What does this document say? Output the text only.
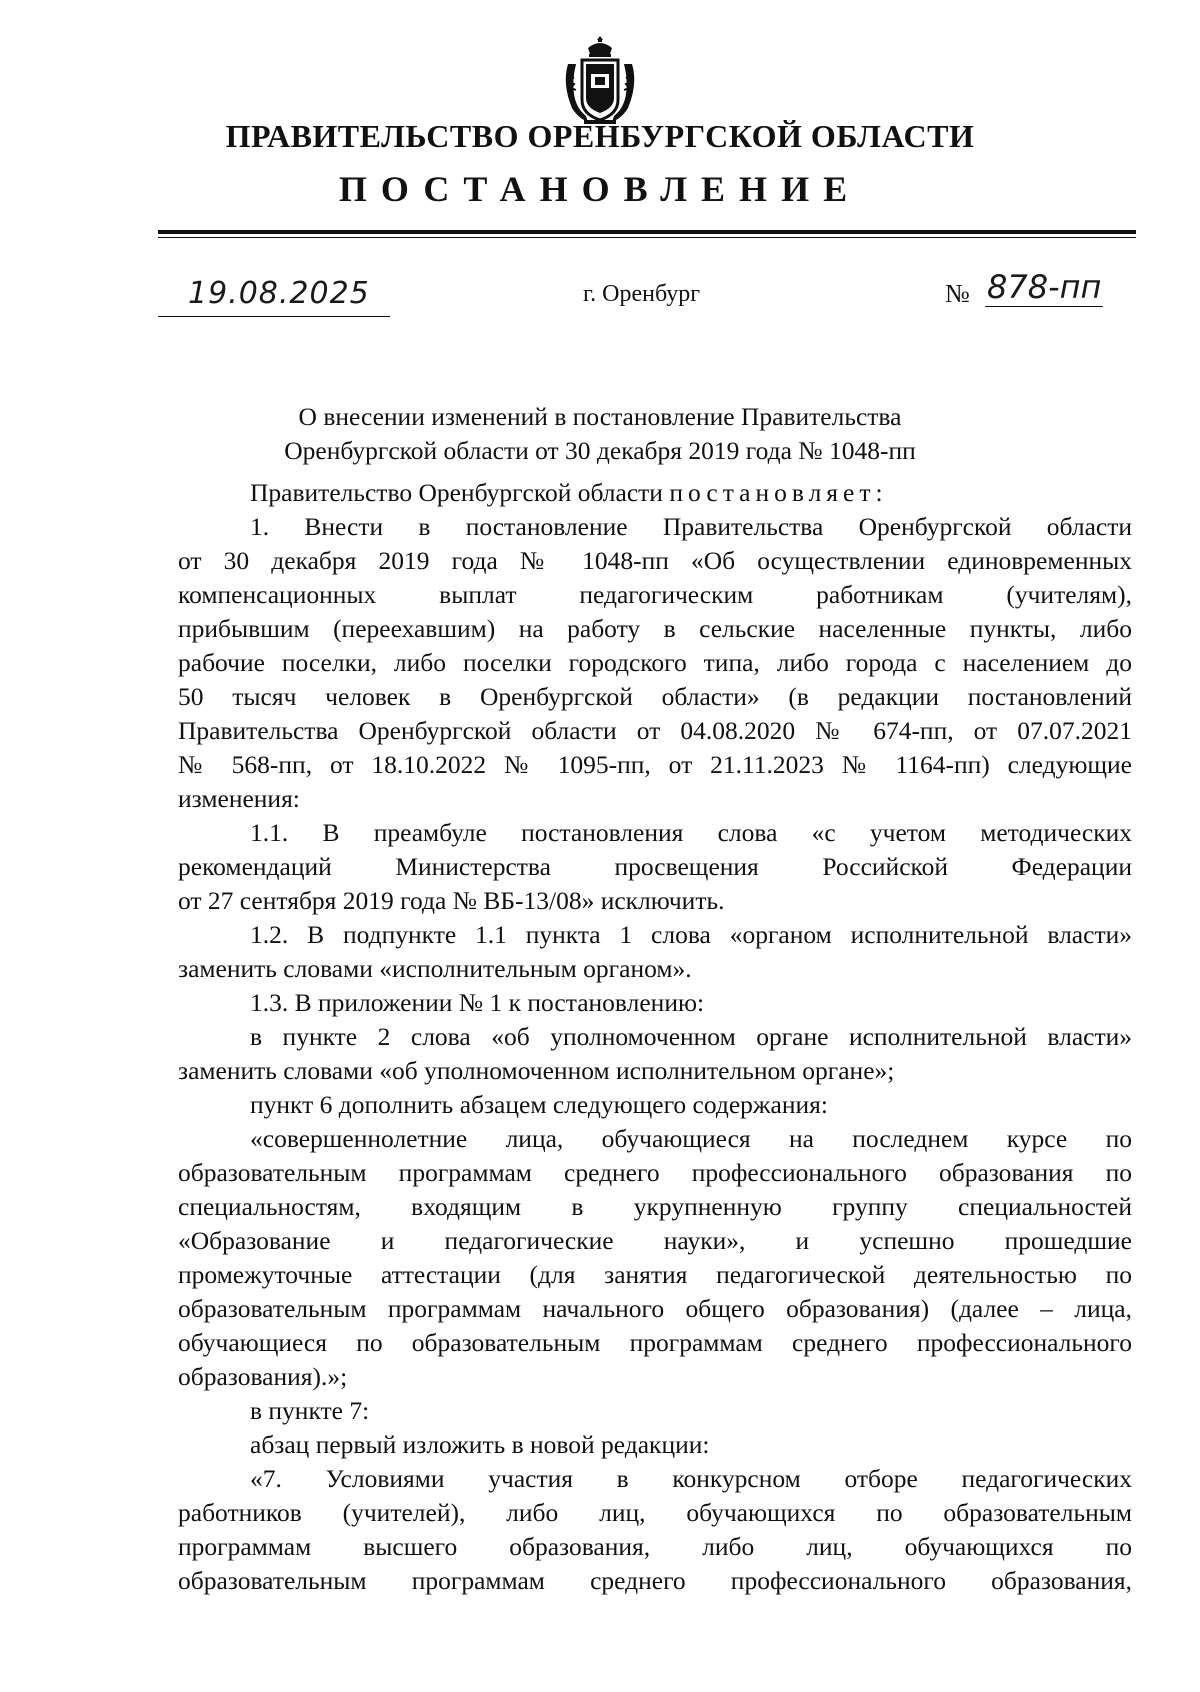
ПРАВИТЕЛЬСТВО ОРЕНБУРГСКОЙ ОБЛАСТИ
ПОСТАНОВЛЕНИЕ
19.08.2025	г. Оренбург	№ 878-пп
О внесении изменений в постановление Правительства
Оренбургской области от 30 декабря 2019 года № 1048-пп
Правительство Оренбургской области постановляет:
1. Внести в постановление Правительства Оренбургской области
от 30 декабря 2019 года № 1048-пп «Об осуществлении единовременных
компенсационных выплат педагогическим работникам (учителям),
прибывшим (переехавшим) на работу в сельские населенные пункты, либо
рабочие поселки, либо поселки городского типа, либо города с населением до
50 тысяч человек в Оренбургской области» (в редакции постановлений
Правительства Оренбургской области от 04.08.2020 № 674-пп, от 07.07.2021
№ 568-пп, от 18.10.2022 № 1095-пп, от 21.11.2023 № 1164-пп) следующие
изменения:
1.1. В преамбуле постановления слова «с учетом методических
рекомендаций Министерства просвещения Российской Федерации
от 27 сентября 2019 года № ВБ-13/08» исключить.
1.2. В подпункте 1.1 пункта 1 слова «органом исполнительной власти»
заменить словами «исполнительным органом».
1.3. В приложении № 1 к постановлению:
в пункте 2 слова «об уполномоченном органе исполнительной власти»
заменить словами «об уполномоченном исполнительном органе»;
пункт 6 дополнить абзацем следующего содержания:
«совершеннолетние лица, обучающиеся на последнем курсе по
образовательным программам среднего профессионального образования по
специальностям, входящим в укрупненную группу специальностей
«Образование и педагогические науки», и успешно прошедшие
промежуточные аттестации (для занятия педагогической деятельностью по
образовательным программам начального общего образования) (далее – лица,
обучающиеся по образовательным программам среднего профессионального
образования).»;
в пункте 7:
абзац первый изложить в новой редакции:
«7. Условиями участия в конкурсном отборе педагогических
работников (учителей), либо лиц, обучающихся по образовательным
программам высшего образования, либо лиц, обучающихся по
образовательным программам среднего профессионального образования,
